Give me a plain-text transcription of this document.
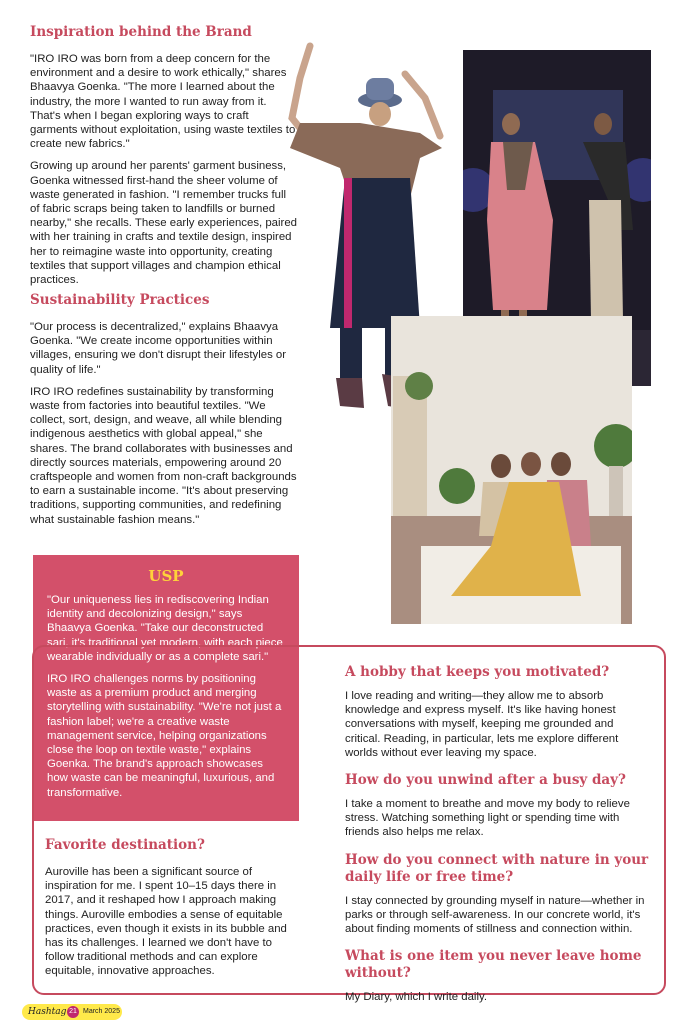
Inspiration behind the Brand

"IRO IRO was born from a deep concern for the environment and a desire to work ethically," shares Bhaavya Goenka. "The more I learned about the industry, the more I wanted to run away from it. That's when I began exploring ways to craft garments without exploitation, using waste textiles to create new fabrics."

Growing up around her parents' garment business, Goenka witnessed first-hand the sheer volume of waste generated in fashion. "I remember trucks full of fabric scraps being taken to landfills or burned nearby," she recalls. These early experiences, paired with her training in crafts and textile design, inspired her to reimagine waste into opportunity, creating textiles that support villages and champion ethical practices.

Sustainability Practices

"Our process is decentralized," explains Bhaavya Goenka. "We create income opportunities within villages, ensuring we don't disrupt their lifestyles or quality of life."

IRO IRO redefines sustainability by transforming waste from factories into beautiful textiles. "We collect, sort, design, and weave, all while blending indigenous aesthetics with global appeal," she shares. The brand collaborates with businesses and directly sources materials, empowering around 20 craftspeople and women from non-craft backgrounds to earn a sustainable income. "It's about preserving traditions, supporting communities, and redefining what sustainable fashion means."

USP

"Our uniqueness lies in rediscovering Indian identity and decolonizing design," says Bhaavya Goenka. "Take our deconstructed sari, it's traditional yet modern, with each piece wearable individually or as a complete sari."

IRO IRO challenges norms by positioning waste as a premium product and merging storytelling with sustainability. "We're not just a fashion label; we're a creative waste management service, helping organizations close the loop on textile waste," explains Goenka. The brand's approach showcases how waste can be meaningful, luxurious, and transformative.

Favorite destination?

Auroville has been a significant source of inspiration for me. I spent 10–15 days there in 2017, and it reshaped how I approach making things. Auroville embodies a sense of equitable practices, even though it exists in its bubble and has its challenges. I learned we don't have to follow traditional methods and can explore equitable, innovative approaches.

A hobby that keeps you motivated?

I love reading and writing—they allow me to absorb knowledge and express myself. It's like having honest conversations with myself, keeping me grounded and critical. Reading, in particular, lets me explore different worlds without ever leaving my space.

How do you unwind after a busy day?

I take a moment to breathe and move my body to relieve stress. Watching something light or spending time with friends also helps me relax.

How do you connect with nature in your daily life or free time?

I stay connected by grounding myself in nature—whether in parks or through self-awareness. In our concrete world, it's about finding moments of stillness and connection within.

What is one item you never leave home without?

My Diary, which I write daily.

Hashtag 21 March 2025
